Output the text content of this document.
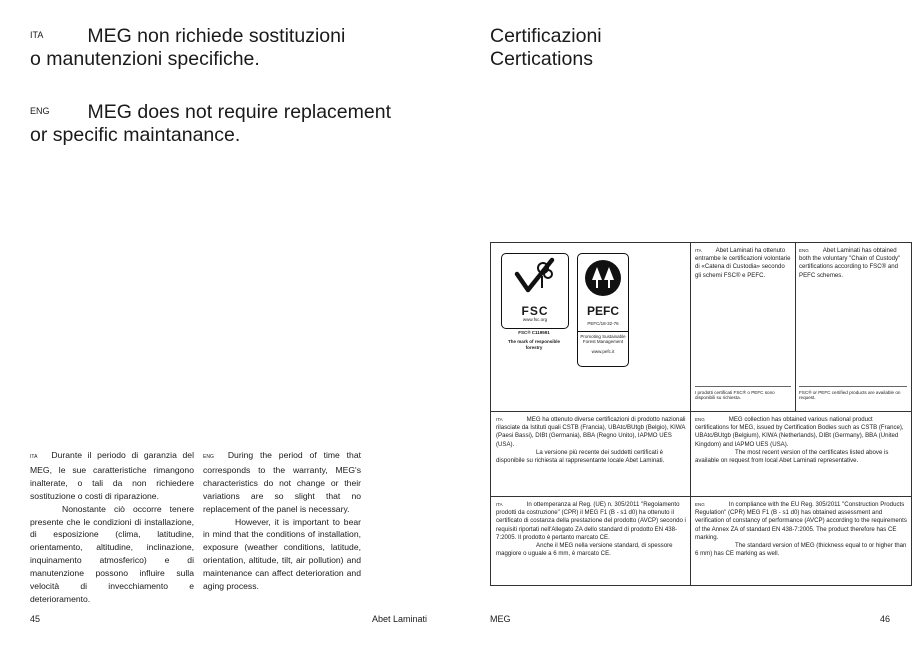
$^{ITA}$ MEG non richiede sostituzioni
o manutenzioni specifiche.
$^{ENG}$ MEG does not require replacement
or specific maintanance.
ITA Durante il periodo di garanzia del MEG, le sue caratteristiche rimangono inalterate, o tali da non richiedere sostituzione o costi di riparazione.
Nonostante ciò occorre tenere presente che le condizioni di installazione, di esposizione (clima, latitudine, orientamento, altitudine, inclinazione, inquinamento atmosferico) e di manutenzione possono influire sulla velocità di invecchiamento e deterioramento.
ENG During the period of time that corresponds to the warranty, MEG's characteristics do not change or their variations are so slight that no replacement of the panel is necessary.
However, it is important to bear in mind that the conditions of installation, exposure (weather conditions, latitude, orientation, altitude, tilt, air pollution) and maintenance can affect deterioration and aging process.
45	Abet Laminati
Certificazioni
Certications
FSC
www.fsc.org
FSC® C119591
The mark of responsible forestry
PEFC
PEFC/18-32-76
Promoting Sustainable Forest Management
www.pefc.it
ITA Abet Laminati ha ottenuto entrambe le certificazioni volontarie di «Catena di Custodia» secondo gli schemi FSC® e PEFC.
ENG Abet Laminati has obtained both the voluntary "Chain of Custody" certifications according to FSC® and PEFC schemes.
I prodotti certificati FSC® o PEFC sono disponibili su richiesta.
FSC® or PEFC certified products are available on request.
ITA	MEG ha ottenuto diverse certificazioni di prodotto nazionali rilasciate da Istituti quali CSTB (Francia), UBAtc/BUtgb (Belgio), KIWA (Paesi Bassi), DIBt (Germania), BBA (Regno Unito), IAPMO UES (USA).
La versione più recente dei suddetti certificati è disponibile su richiesta al rappresentante locale Abet Laminati.
ENG	MEG collection has obtained various national product certifications for MEG, issued by Certification Bodies such as CSTB (France), UBAtc/BUtgb (Belgium), KIWA (Netherlands), DIBt (Germany), BBA (United Kingdom) and IAPMO UES (USA).
The most recent version of the certificates listed above is available on request from local Abet Laminati representative.
ITA	In ottemperanza al Reg. (UE) n. 305/2011 "Regolamento prodotti da costruzione" (CPR) il MEG F1 (B - s1 d0) ha ottenuto il certificato di costanza della prestazione del prodotto (AVCP) secondo i requisiti riportati nell'Allegato ZA dello standard di prodotto EN 438-7:2005. Il prodotto è pertanto marcato CE.
Anche il MEG nella versione standard, di spessore maggiore o uguale a 6 mm, è marcato CE.
ENG	In compliance with the EU Reg. 305/2011 "Construction Products Regulation" (CPR) MEG F1 (B - s1 d0) has obtained assessment and verification of constancy of performance (AVCP) according to the requirements of the Annex ZA of standard EN 438-7:2005. The product therefore has CE marking.
The standard version of MEG (thickness equal to or higher than 6 mm) has CE marking as well.
MEG	46
